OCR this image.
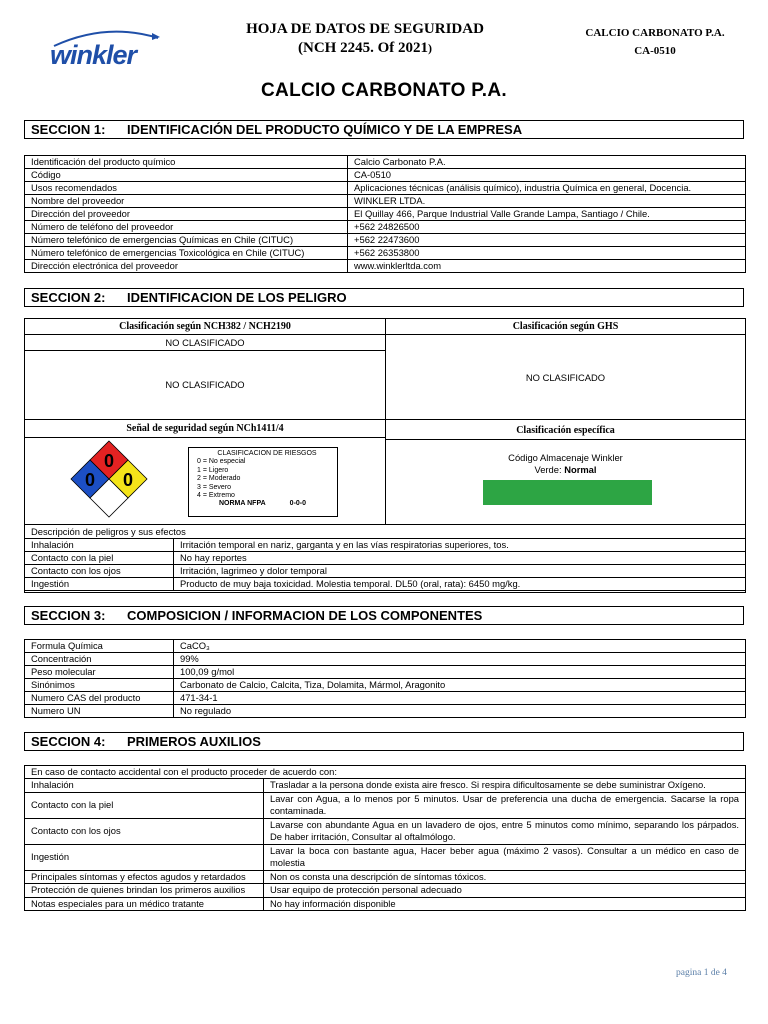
winkler
HOJA DE DATOS DE SEGURIDAD
(NCH 2245. Of 2021)
CALCIO CARBONATO P.A.
CA-0510
CALCIO CARBONATO P.A.
SECCION 1: IDENTIFICACIÓN DEL PRODUCTO QUÍMICO Y DE LA EMPRESA
Identificación del producto químico	Calcio Carbonato P.A.
Código	CA-0510
Usos recomendados	Aplicaciones técnicas (análisis químico), industria Química en general, Docencia.
Nombre del proveedor	WINKLER LTDA.
Dirección del proveedor	El Quillay 466, Parque Industrial Valle Grande Lampa, Santiago / Chile.
Número de teléfono del proveedor	+562 24826500
Número telefónico de emergencias Químicas en Chile (CITUC)	+562 22473600
Número telefónico de emergencias Toxicológica en Chile (CITUC)	+562 26353800
Dirección electrónica del proveedor	www.winklerltda.com
SECCION 2: IDENTIFICACION DE LOS PELIGRO
Clasificación según NCH382 / NCH2190
NO CLASIFICADO
NO CLASIFICADO
Señal de seguridad según NCh1411/4
Clasificación según GHS
NO CLASIFICADO
Clasificación específica
Código Almacenaje Winkler
Verde: Normal
0
0 0
CLASIFICACION DE RIESGOS
0 = No especial
1 = Ligero
2 = Moderado
3 = Severo
4 = Extremo
NORMA NFPA	0-0-0
Descripción de peligros y sus efectos	
Inhalación	Irritación temporal en nariz, garganta y en las vías respiratorias superiores, tos.
Contacto con la piel	No hay reportes
Contacto con los ojos	Irritación, lagrimeo y dolor temporal
Ingestión	Producto de muy baja toxicidad. Molestia temporal. DL50 (oral, rata): 6450 mg/kg.
SECCION 3: COMPOSICION / INFORMACION DE LOS COMPONENTES
Formula Química	CaCO₃
Concentración	99%
Peso molecular	100,09 g/mol
Sinónimos	Carbonato de Calcio, Calcita, Tiza, Dolamita, Mármol, Aragonito
Numero CAS del producto	471-34-1
Numero UN	No regulado
SECCION 4: PRIMEROS AUXILIOS
En caso de contacto accidental con el producto proceder de acuerdo con:	
Inhalación	Trasladar a la persona donde exista aire fresco. Si respira dificultosamente se debe suministrar Oxígeno.
Contacto con la piel	Lavar con Agua, a lo menos por 5 minutos. Usar de preferencia una ducha de emergencia. Sacarse la ropa contaminada.
Contacto con los ojos	Lavarse con abundante Agua en un lavadero de ojos, entre 5 minutos como mínimo, separando los párpados. De haber irritación, Consultar al oftalmólogo.
Ingestión	Lavar la boca con bastante agua, Hacer beber agua (máximo 2 vasos). Consultar a un médico en caso de molestia
Principales síntomas y efectos agudos y retardados	Non os consta una descripción de síntomas tóxicos.
Protección de quienes brindan los primeros auxilios	Usar equipo de protección personal adecuado
Notas especiales para un médico tratante	No hay información disponible
pagina 1 de 4
